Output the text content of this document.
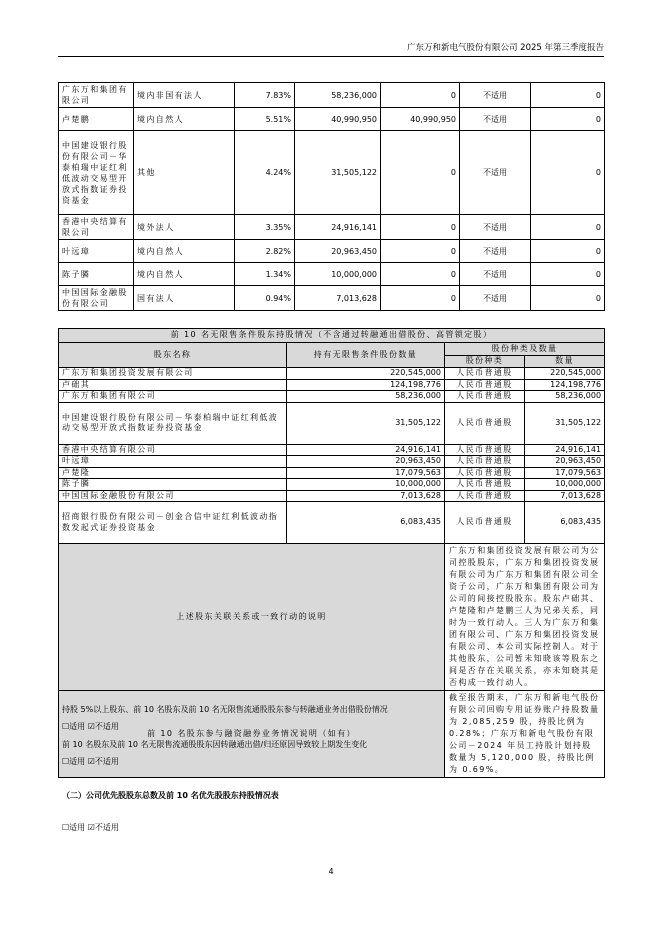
广东万和新电气股份有限公司 2025 年第三季度报告
广东万和集团有限公司	境内非国有法人	7.83%	58,236,000	0	不适用	0
卢楚鹏	境内自然人	5.51%	40,990,950	40,990,950	不适用	0
中国建设银行股份有限公司－华泰柏瑞中证红利低波动交易型开放式指数证券投资基金	其他	4.24%	31,505,122	0	不适用	0
香港中央结算有限公司	境外法人	3.35%	24,916,141	0	不适用	0
叶远璋	境内自然人	2.82%	20,963,450	0	不适用	0
陈子膦	境内自然人	1.34%	10,000,000	0	不适用	0
中国国际金融股份有限公司	国有法人	0.94%	7,013,628	0	不适用	0
前 10 名无限售条件股东持股情况（不含通过转融通出借股份、高管锁定股）			
股东名称	持有无限售条件股份数量	股份种类及数量	
		股份种类	数量
广东万和集团投资发展有限公司	220,545,000	人民币普通股	220,545,000
卢础其	124,198,776	人民币普通股	124,198,776
广东万和集团有限公司	58,236,000	人民币普通股	58,236,000
中国建设银行股份有限公司－华泰柏瑞中证红利低波动交易型开放式指数证券投资基金	31,505,122	人民币普通股	31,505,122
香港中央结算有限公司	24,916,141	人民币普通股	24,916,141
叶远璋	20,963,450	人民币普通股	20,963,450
卢楚隆	17,079,563	人民币普通股	17,079,563
陈子膦	10,000,000	人民币普通股	10,000,000
中国国际金融股份有限公司	7,013,628	人民币普通股	7,013,628
招商银行股份有限公司－创金合信中证红利低波动指数发起式证券投资基金	6,083,435	人民币普通股	6,083,435
上述股东关联关系或一致行动的说明		广东万和集团投资发展有限公司为公司控股股东，广东万和集团投资发展有限公司为广东万和集团有限公司全资子公司，广东万和集团有限公司为公司的间接控股股东。股东卢础其、卢楚隆和卢楚鹏三人为兄弟关系，同时为一致行动人。三人为广东万和集团有限公司、广东万和集团投资发展有限公司、本公司实际控制人。对于其他股东，公司暂未知晓该等股东之间是否存在关联关系，亦未知晓其是否构成一致行动人。	
前 10 名股东参与融资融券业务情况说明（如有）		截至报告期末，广东万和新电气股份有限公司回购专用证券账户持股数量为 2,085,259 股，持股比例为 0.28%；广东万和新电气股份有限公司－2024 年员工持股计划持股数量为 5,120,000 股，持股比例为 0.69%。	
持股 5%以上股东、前 10 名股东及前 10 名无限售流通股股东参与转融通业务出借股份情况
☐适用 ☑不适用
前 10 名股东及前 10 名无限售流通股股东因转融通出借/归还原因导致较上期发生变化
☐适用 ☑不适用
（二）公司优先股股东总数及前 10 名优先股股东持股情况表
☐适用 ☑不适用
4
